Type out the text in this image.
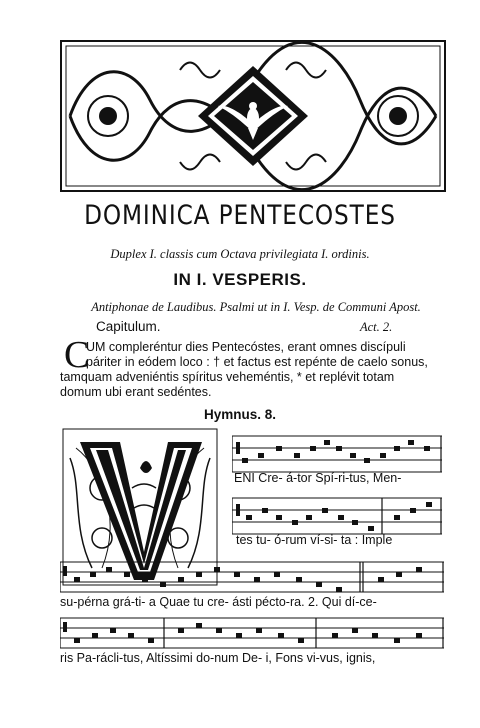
DOMINICA PENTECOSTES
Duplex I. classis cum Octava privilegiata I. ordinis.
IN I. VESPERIS.
Antiphonae de Laudibus. Psalmi ut in I. Vesp. de Communi Apost.
Capitulum.	Act. 2.
C
UM compleréntur dies Pentecóstes, erant omnes discípuli
páriter in eódem loco : † et factus est repénte de caelo sonus,
tamquam adveniéntis spíritus veheméntis, * et replévit totam
domum ubi erant sedéntes.
Hymnus. 8.
ENI Cre- á-tor Spí-ri-tus, Men-
tes tu- ó-rum ví-si- ta : Imple
su-pérna grá-ti- a Quae tu cre- ásti péctο-ra. 2. Qui dí-ce-
ris Pa-rácli-tus, Altíssimi do-num De- i, Fons vi-vus, ignis,
